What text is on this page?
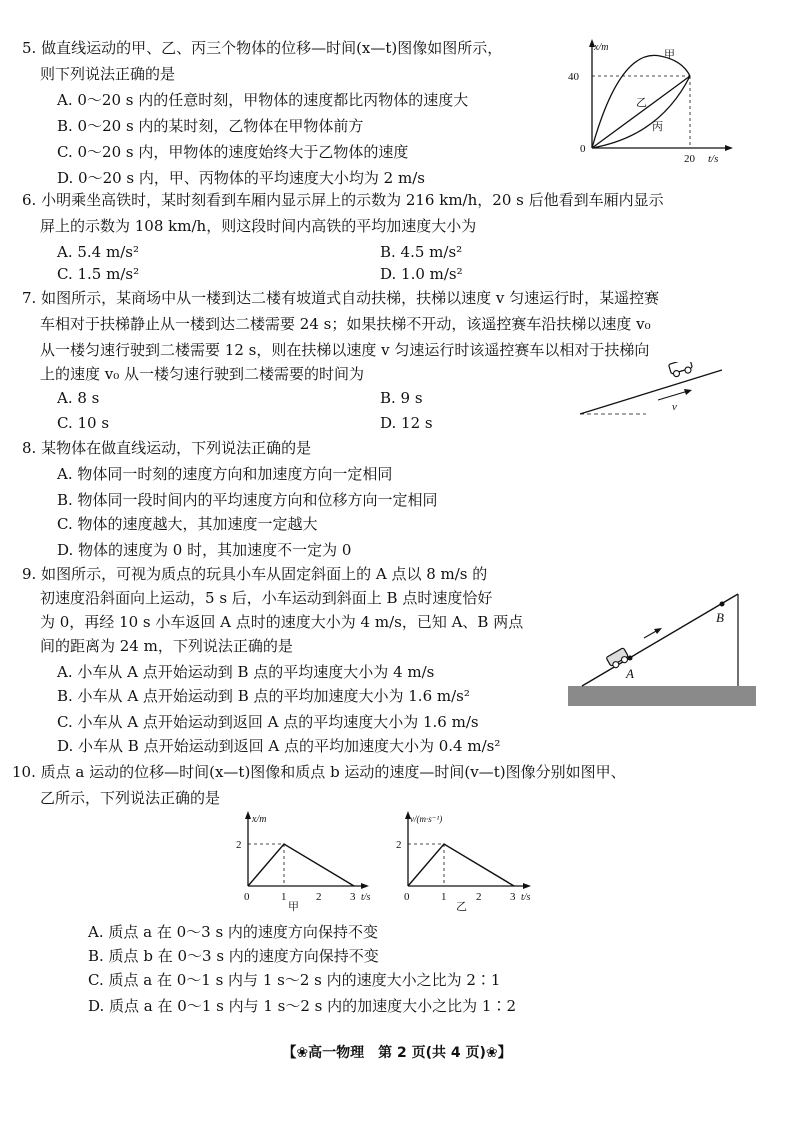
5. 做直线运动的甲、乙、丙三个物体的位移—时间(x—t)图像如图所示，
则下列说法正确的是
A. 0～20 s 内的任意时刻，甲物体的速度都比丙物体的速度大
B. 0～20 s 内的某时刻，乙物体在甲物体前方
C. 0～20 s 内，甲物体的速度始终大于乙物体的速度
D. 0～20 s 内，甲、丙物体的平均速度大小均为 2 m/s
x/m
40
0
20 t/s
甲
乙
丙
6. 小明乘坐高铁时，某时刻看到车厢内显示屏上的示数为 216 km/h，20 s 后他看到车厢内显示
屏上的示数为 108 km/h，则这段时间内高铁的平均加速度大小为
A. 5.4 m/s²	B. 4.5 m/s²
C. 1.5 m/s²	D. 1.0 m/s²
7. 如图所示，某商场中从一楼到达二楼有坡道式自动扶梯，扶梯以速度 v 匀速运行时，某遥控赛
车相对于扶梯静止从一楼到达二楼需要 24 s；如果扶梯不开动，该遥控赛车沿扶梯以速度 v₀
从一楼匀速行驶到二楼需要 12 s，则在扶梯以速度 v 匀速运行时该遥控赛车以相对于扶梯向
上的速度 v₀ 从一楼匀速行驶到二楼需要的时间为
A. 8 s	B. 9 s
C. 10 s	D. 12 s
v
8. 某物体在做直线运动，下列说法正确的是
A. 物体同一时刻的速度方向和加速度方向一定相同
B. 物体同一段时间内的平均速度方向和位移方向一定相同
C. 物体的速度越大，其加速度一定越大
D. 物体的速度为 0 时，其加速度不一定为 0
9. 如图所示，可视为质点的玩具小车从固定斜面上的 A 点以 8 m/s 的
初速度沿斜面向上运动，5 s 后，小车运动到斜面上 B 点时速度恰好
为 0，再经 10 s 小车返回 A 点时的速度大小为 4 m/s，已知 A、B 两点
间的距离为 24 m，下列说法正确的是
A. 小车从 A 点开始运动到 B 点的平均速度大小为 4 m/s
B. 小车从 A 点开始运动到 B 点的平均加速度大小为 1.6 m/s²
C. 小车从 A 点开始运动到返回 A 点的平均速度大小为 1.6 m/s
D. 小车从 B 点开始运动到返回 A 点的平均加速度大小为 0.4 m/s²
A
B
10. 质点 a 运动的位移—时间(x—t)图像和质点 b 运动的速度—时间(v—t)图像分别如图甲、
乙所示，下列说法正确的是
x/m
2
0	1	2	3 t/s
甲
v/(m·s⁻¹)
2
0	1	2	3 t/s
乙
A. 质点 a 在 0～3 s 内的速度方向保持不变
B. 质点 b 在 0～3 s 内的速度方向保持不变
C. 质点 a 在 0～1 s 内与 1 s～2 s 内的速度大小之比为 2∶1
D. 质点 a 在 0～1 s 内与 1 s～2 s 内的加速度大小之比为 1∶2
【❀高一物理　第 2 页(共 4 页)❀】
